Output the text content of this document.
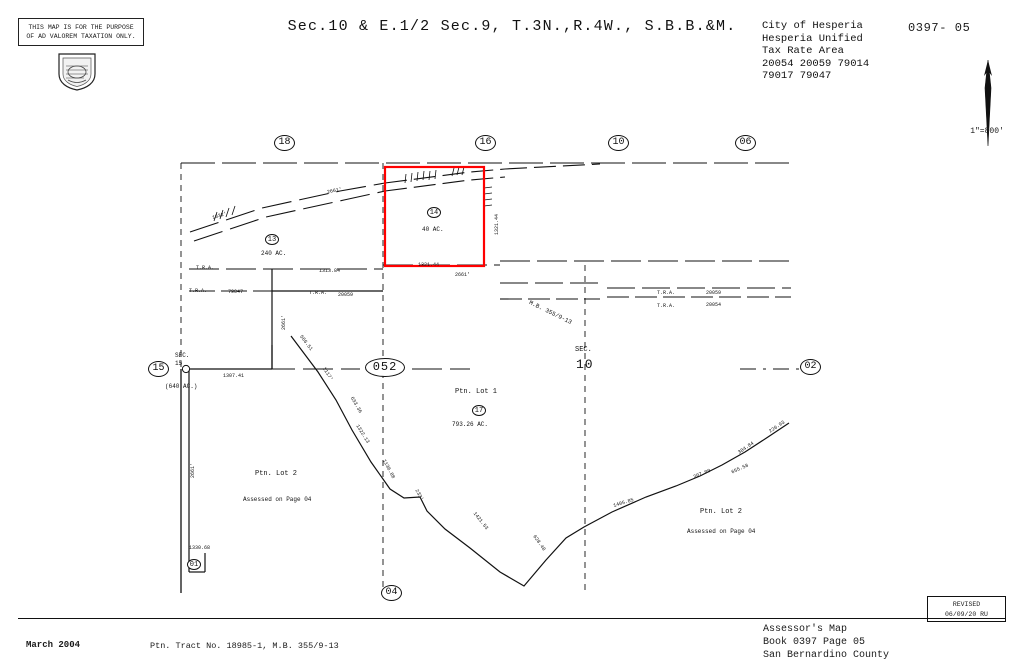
Sec.10 & E.1/2 Sec.9, T.3N.,R.4W., S.B.B.&M.	City of Hesperia
Hesperia Unified
Tax Rate Area
20054 20059 79014
79017 79047
0397- 05
THIS MAP IS FOR THE PURPOSE
OF AD VALOREM TAXATION ONLY.
1"=800'
18	16	10	06
15	02
04
13
14
17
01
052
240 AC.
40 AC.
Ptn. Lot 1
793.26 AC.
Ptn. Lot 2
Assessed on Page 04
Ptn. Lot 2
Assessed on Page 04
SEC.
15
(640 AC.)
SEC.
10
2661'
1332'
1313.84
1321.44
2661'
1321.44
T.R.A.
T.R.A.	T.R.A.	T.R.A.
T.R.A.
79047	20059	20059
20054
1307.41
2661'
2661'
1330.68
M.B. 355/9-13
566.51
1117'
633.36
1322.13
1136.88
233'
1421.53
628.48
1405.85
307.09	655.58
384.84
220.93
March 2004	Ptn. Tract No. 18985-1, M.B. 355/9-13
Assessor's Map
Book 0397 Page 05
San Bernardino County
REVISED
06/09/20 RU
